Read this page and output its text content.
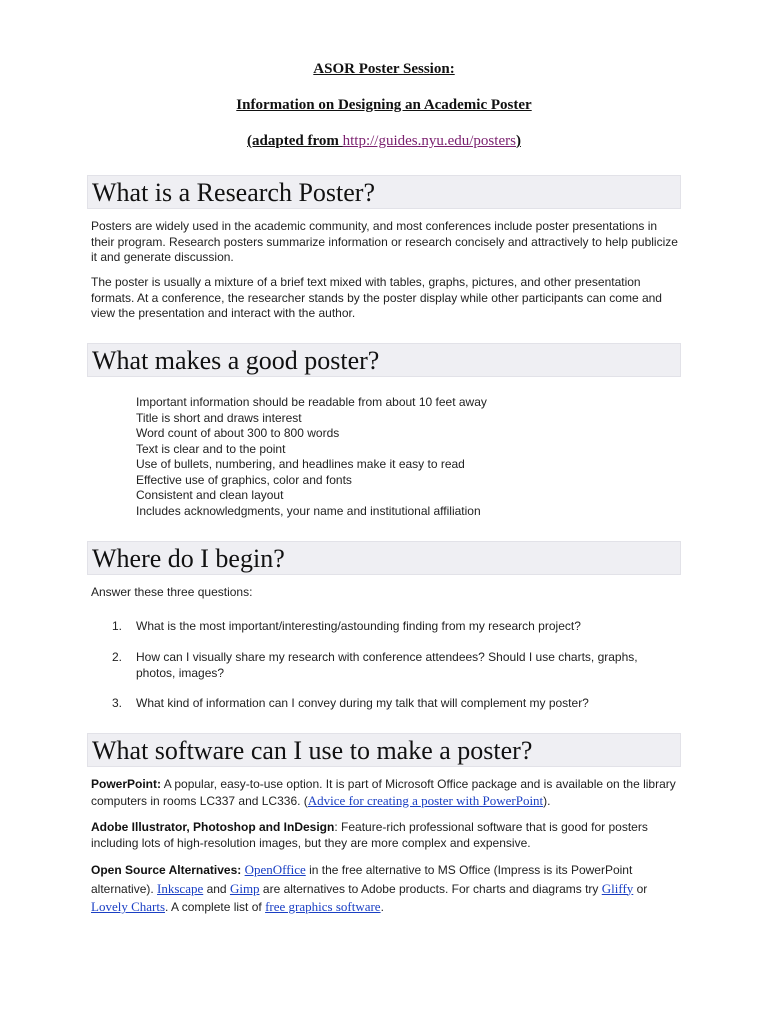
ASOR Poster Session:
Information on Designing an Academic Poster
(adapted from http://guides.nyu.edu/posters)
What is a Research Poster?
Posters are widely used in the academic community, and most conferences include poster presentations in their program. Research posters summarize information or research concisely and attractively to help publicize it and generate discussion.
The poster is usually a mixture of a brief text mixed with tables, graphs, pictures, and other presentation formats. At a conference, the researcher stands by the poster display while other participants can come and view the presentation and interact with the author.
What makes a good poster?
Important information should be readable from about 10 feet away
Title is short and draws interest
Word count of about 300 to 800 words
Text is clear and to the point
Use of bullets, numbering, and headlines make it easy to read
Effective use of graphics, color and fonts
Consistent and clean layout
Includes acknowledgments, your name and institutional affiliation
Where do I begin?
Answer these three questions:
1. What is the most important/interesting/astounding finding from my research project?
2. How can I visually share my research with conference attendees? Should I use charts, graphs, photos, images?
3. What kind of information can I convey during my talk that will complement my poster?
What software can I use to make a poster?
PowerPoint: A popular, easy-to-use option. It is part of Microsoft Office package and is available on the library computers in rooms LC337 and LC336. (Advice for creating a poster with PowerPoint).
Adobe Illustrator, Photoshop and InDesign: Feature-rich professional software that is good for posters including lots of high-resolution images, but they are more complex and expensive.
Open Source Alternatives: OpenOffice in the free alternative to MS Office (Impress is its PowerPoint alternative). Inkscape and Gimp are alternatives to Adobe products. For charts and diagrams try Gliffy or Lovely Charts. A complete list of free graphics software.
